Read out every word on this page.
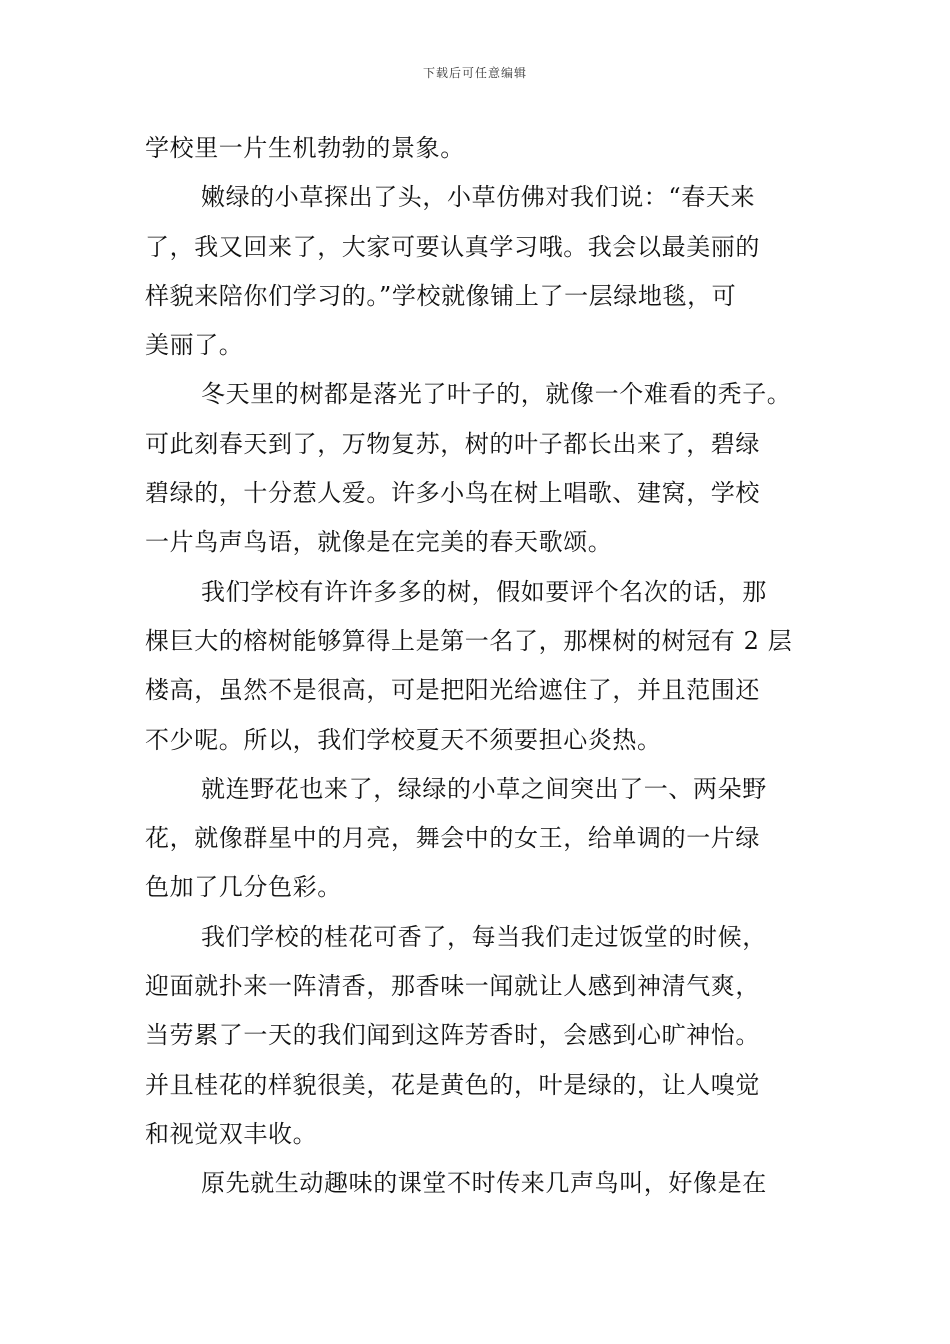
下载后可任意编辑
学校里一片生机勃勃的景象。
嫩绿的小草探出了头，小草仿佛对我们说：“春天来
了，我又回来了，大家可要认真学习哦。我会以最美丽的
样貌来陪你们学习的。”学校就像铺上了一层绿地毯，可
美丽了。
冬天里的树都是落光了叶子的，就像一个难看的秃子。
可此刻春天到了，万物复苏，树的叶子都长出来了，碧绿
碧绿的，十分惹人爱。许多小鸟在树上唱歌、建窝，学校
一片鸟声鸟语，就像是在完美的春天歌颂。
我们学校有许许多多的树，假如要评个名次的话，那
棵巨大的榕树能够算得上是第一名了，那棵树的树冠有 2 层
楼高，虽然不是很高，可是把阳光给遮住了，并且范围还
不少呢。所以，我们学校夏天不须要担心炎热。
就连野花也来了，绿绿的小草之间突出了一、两朵野
花，就像群星中的月亮，舞会中的女王，给单调的一片绿
色加了几分色彩。
我们学校的桂花可香了，每当我们走过饭堂的时候，
迎面就扑来一阵清香，那香味一闻就让人感到神清气爽，
当劳累了一天的我们闻到这阵芳香时，会感到心旷神怡。
并且桂花的样貌很美，花是黄色的，叶是绿的，让人嗅觉
和视觉双丰收。
原先就生动趣味的课堂不时传来几声鸟叫，好像是在
